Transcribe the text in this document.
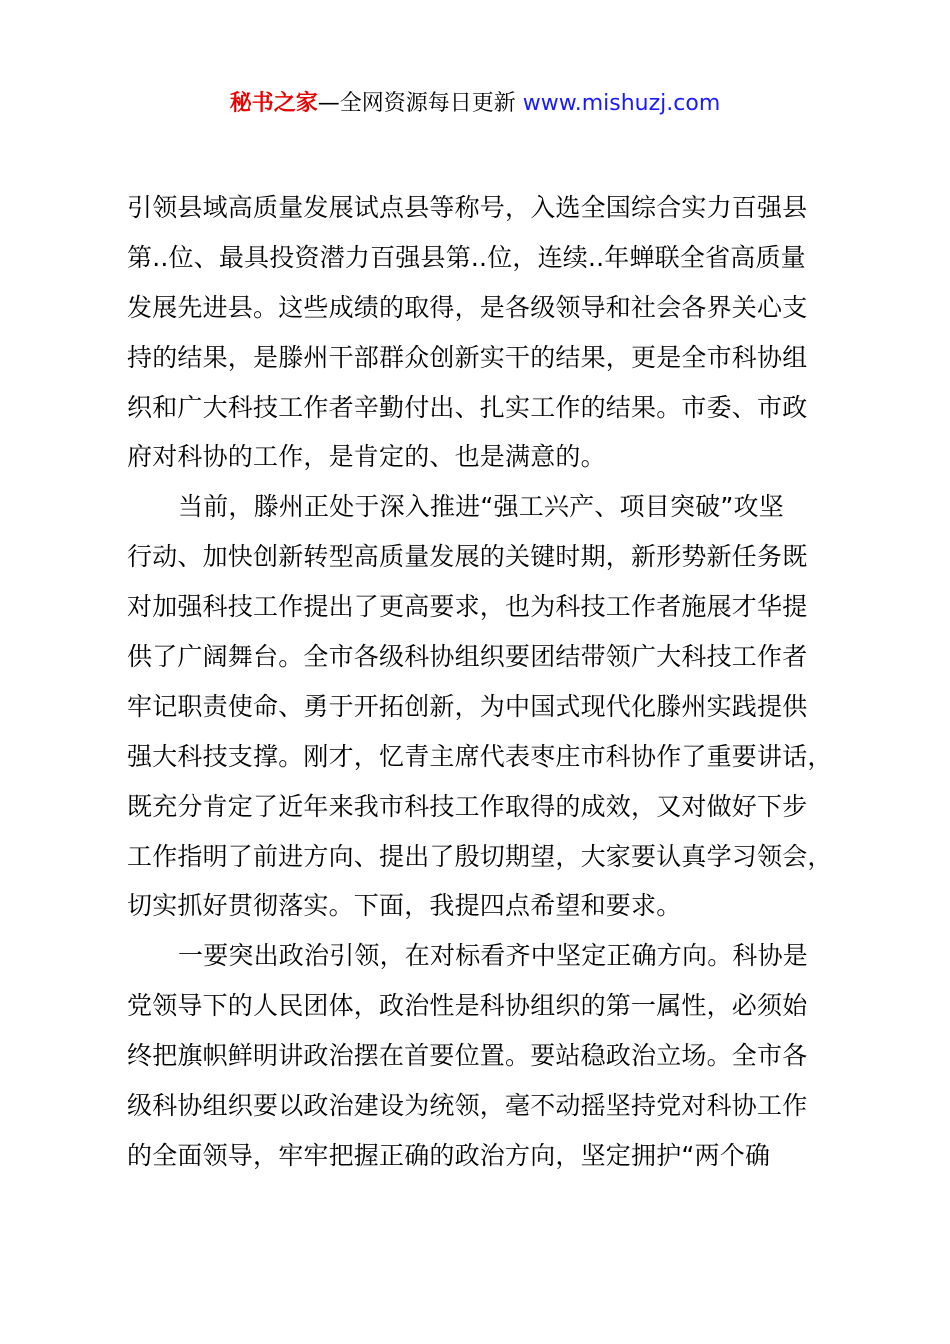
秘书之家—全网资源每日更新 www.mishuzj.com
引领县域高质量发展试点县等称号，入选全国综合实力百强县
第..位、最具投资潜力百强县第..位，连续..年蝉联全省高质量
发展先进县。这些成绩的取得，是各级领导和社会各界关心支
持的结果，是滕州干部群众创新实干的结果，更是全市科协组
织和广大科技工作者辛勤付出、扎实工作的结果。市委、市政
府对科协的工作，是肯定的、也是满意的。
当前，滕州正处于深入推进“强工兴产、项目突破”攻坚
行动、加快创新转型高质量发展的关键时期，新形势新任务既
对加强科技工作提出了更高要求，也为科技工作者施展才华提
供了广阔舞台。全市各级科协组织要团结带领广大科技工作者
牢记职责使命、勇于开拓创新，为中国式现代化滕州实践提供
强大科技支撑。刚才，忆青主席代表枣庄市科协作了重要讲话，
既充分肯定了近年来我市科技工作取得的成效，又对做好下步
工作指明了前进方向、提出了殷切期望，大家要认真学习领会，
切实抓好贯彻落实。下面，我提四点希望和要求。
一要突出政治引领，在对标看齐中坚定正确方向。科协是
党领导下的人民团体，政治性是科协组织的第一属性，必须始
终把旗帜鲜明讲政治摆在首要位置。要站稳政治立场。全市各
级科协组织要以政治建设为统领，毫不动摇坚持党对科协工作
的全面领导，牢牢把握正确的政治方向，坚定拥护“两个确
